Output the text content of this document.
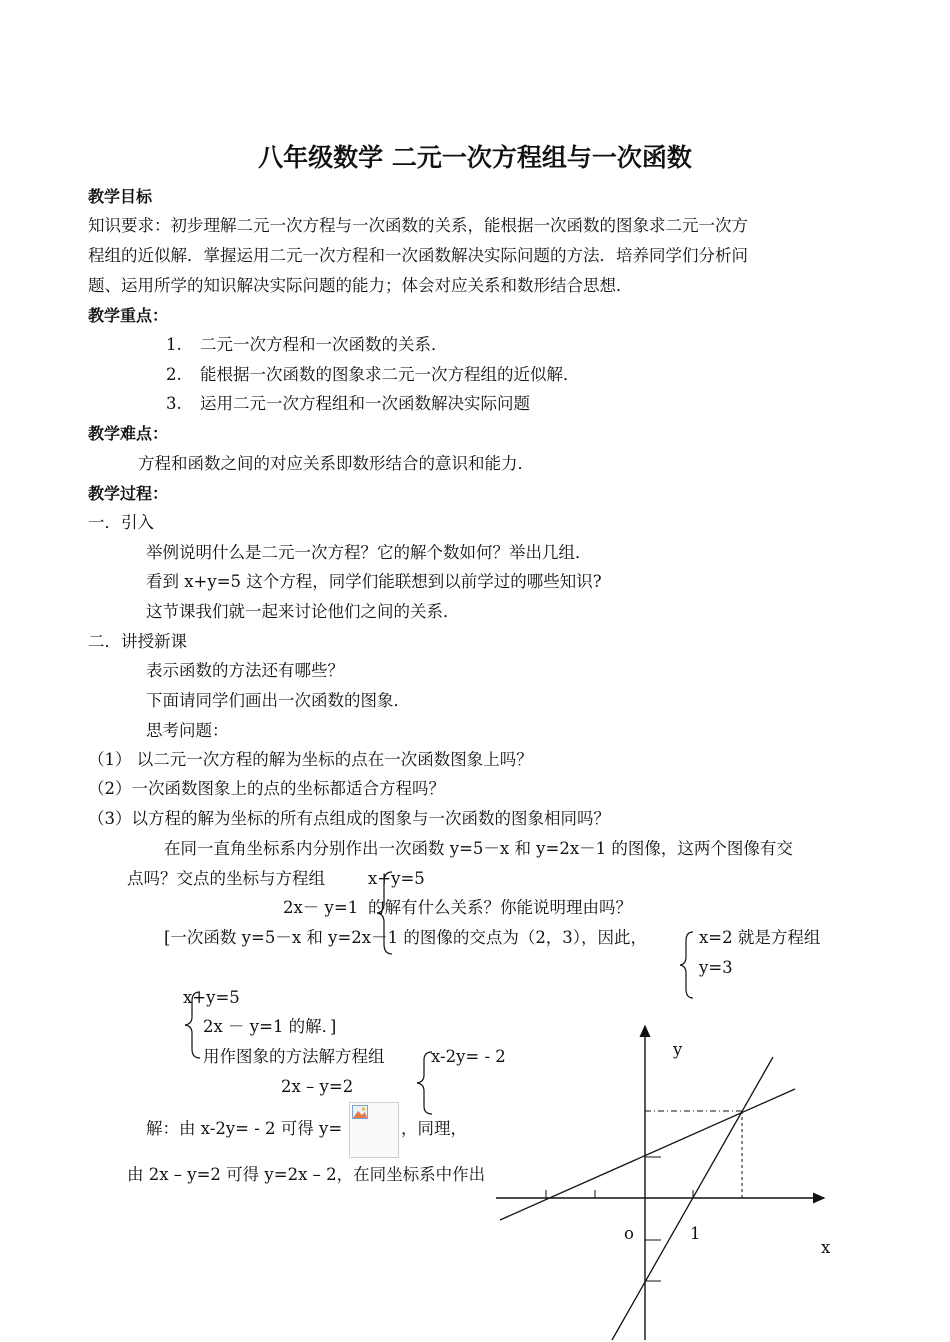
八年级数学 二元一次方程组与一次函数
教学目标
知识要求：初步理解二元一次方程与一次函数的关系，能根据一次函数的图象求二元一次方
程组的近似解．掌握运用二元一次方程和一次函数解决实际问题的方法．培养同学们分析问
题、运用所学的知识解决实际问题的能力；体会对应关系和数形结合思想．
教学重点：
1. 二元一次方程和一次函数的关系．
2. 能根据一次函数的图象求二元一次方程组的近似解．
3. 运用二元一次方程组和一次函数解决实际问题
教学难点：
方程和函数之间的对应关系即数形结合的意识和能力．
教学过程：
一．引入
举例说明什么是二元一次方程？它的解个数如何？举出几组．
看到 x+y=5 这个方程，同学们能联想到以前学过的哪些知识?
这节课我们就一起来讨论他们之间的关系．
二．讲授新课
表示函数的方法还有哪些？
下面请同学们画出一次函数的图象．
思考问题：
（1） 以二元一次方程的解为坐标的点在一次函数图象上吗？
（2）一次函数图象上的点的坐标都适合方程吗？
（3）以方程的解为坐标的所有点组成的图象与一次函数的图象相同吗？
在同一直角坐标系内分别作出一次函数 y=5－x 和 y=2x－1 的图像，这两个图像有交
点吗？交点的坐标与方程组	x+y=5
2x－ y=1 的解有什么关系？你能说明理由吗？
[一次函数 y=5－x 和 y=2x－1 的图像的交点为（2，3），因此，	x=2 就是方程组
y=3
x+y=5
2x － y=1 的解．]
用作图象的方法解方程组	x-2y= - 2
2x – y=2
解：由 x-2y= - 2 可得 y=	，同理，
由 2x – y=2 可得 y=2x – 2，在同坐标系中作出
y
x
o	1
